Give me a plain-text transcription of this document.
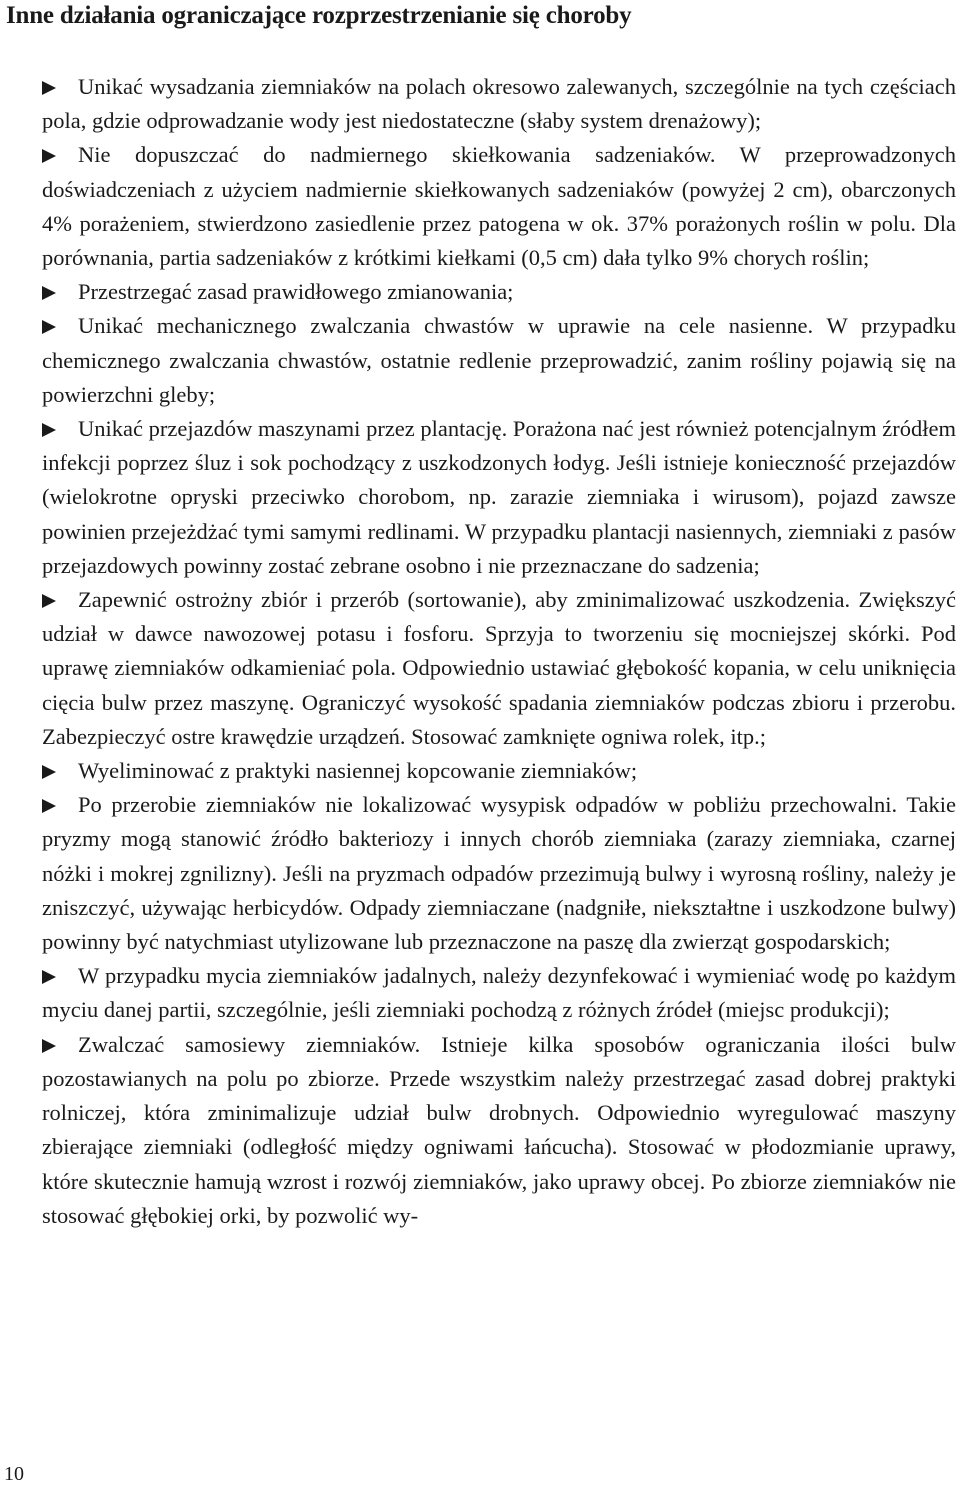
Inne działania ograniczające rozprzestrzenianie się choroby

Unikać wysadzania ziemniaków na polach okresowo zalewanych, szczególnie na tych częściach pola, gdzie odprowadzanie wody jest niedostateczne (słaby system drenażowy);

Nie dopuszczać do nadmiernego skiełkowania sadzeniaków. W przeprowadzonych doświadczeniach z użyciem nadmiernie skiełkowanych sadzeniaków (powyżej 2 cm), obarczonych 4% porażeniem, stwierdzono zasiedlenie przez patogena w ok. 37% porażonych roślin w polu. Dla porównania, partia sadzeniaków z krótkimi kiełkami (0,5 cm) dała tylko 9% chorych roślin;

Przestrzegać zasad prawidłowego zmianowania;

Unikać mechanicznego zwalczania chwastów w uprawie na cele nasienne. W przypadku chemicznego zwalczania chwastów, ostatnie redlenie przeprowadzić, zanim rośliny pojawią się na powierzchni gleby;

Unikać przejazdów maszynami przez plantację. Porażona nać jest również potencjalnym źródłem infekcji poprzez śluz i sok pochodzący z uszkodzonych łodyg. Jeśli istnieje konieczność przejazdów (wielokrotne opryski przeciwko chorobom, np. zarazie ziemniaka i wirusom), pojazd zawsze powinien przejeżdżać tymi samymi redlinami. W przypadku plantacji nasiennych, ziemniaki z pasów przejazdowych powinny zostać zebrane osobno i nie przeznaczane do sadzenia;

Zapewnić ostrożny zbiór i przerób (sortowanie), aby zminimalizować uszkodzenia. Zwiększyć udział w dawce nawozowej potasu i fosforu. Sprzyja to tworzeniu się mocniejszej skórki. Pod uprawę ziemniaków odkamieniać pola. Odpowiednio ustawiać głębokość kopania, w celu uniknięcia cięcia bulw przez maszynę. Ograniczyć wysokość spadania ziemniaków podczas zbioru i przerobu. Zabezpieczyć ostre krawędzie urządzeń. Stosować zamknięte ogniwa rolek, itp.;

Wyeliminować z praktyki nasiennej kopcowanie ziemniaków;

Po przerobie ziemniaków nie lokalizować wysypisk odpadów w pobliżu przechowalni. Takie pryzmy mogą stanowić źródło bakteriozy i innych chorób ziemniaka (zarazy ziemniaka, czarnej nóżki i mokrej zgnilizny). Jeśli na pryzmach odpadów przezimują bulwy i wyrosną rośliny, należy je zniszczyć, używając herbicydów. Odpady ziemniaczane (nadgniłe, niekształtne i uszkodzone bulwy) powinny być natychmiast utylizowane lub przeznaczone na paszę dla zwierząt gospodarskich;

W przypadku mycia ziemniaków jadalnych, należy dezynfekować i wymieniać wodę po każdym myciu danej partii, szczególnie, jeśli ziemniaki pochodzą z różnych źródeł (miejsc produkcji);

Zwalczać samosiewy ziemniaków. Istnieje kilka sposobów ograniczania ilości bulw pozostawianych na polu po zbiorze. Przede wszystkim należy przestrzegać zasad dobrej praktyki rolniczej, która zminimalizuje udział bulw drobnych. Odpowiednio wyregulować maszyny zbierające ziemniaki (odległość między ogniwami łańcucha). Stosować w płodozmianie uprawy, które skutecznie hamują wzrost i rozwój ziemniaków, jako uprawy obcej. Po zbiorze ziemniaków nie stosować głębokiej orki, by pozwolić wy-

10
